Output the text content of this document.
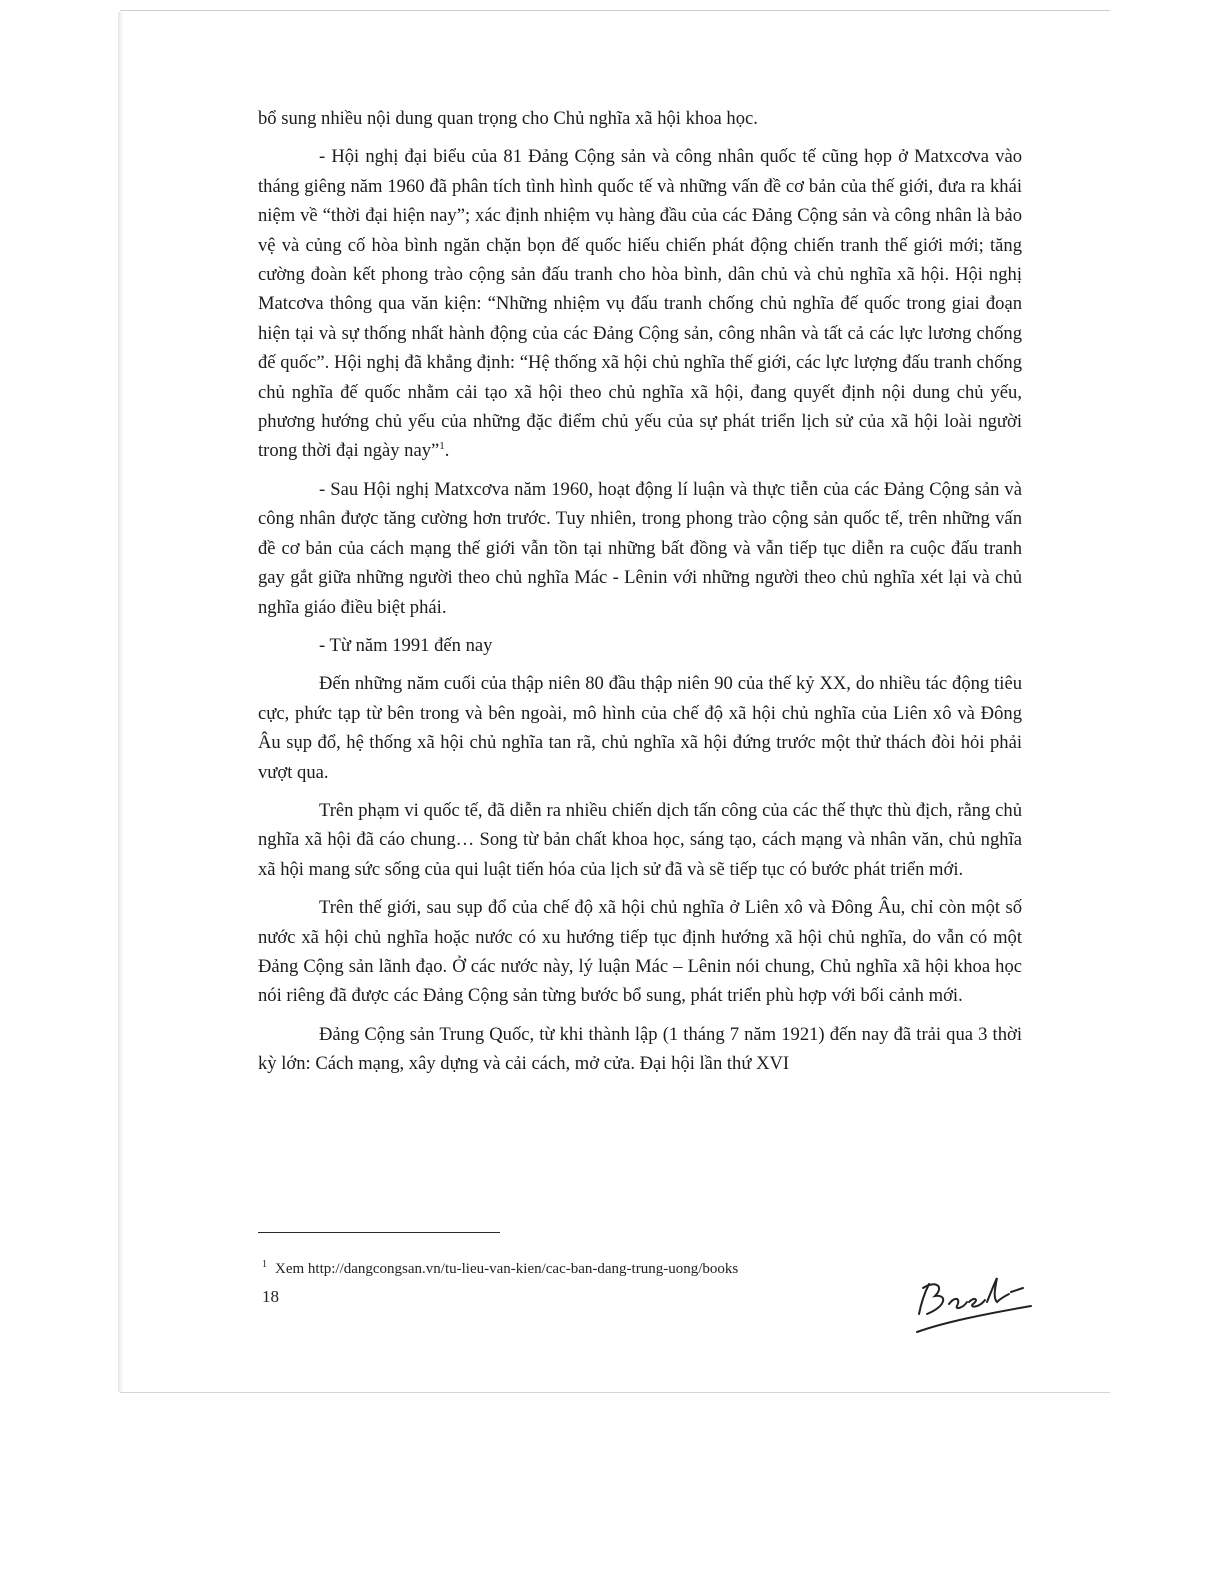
bổ sung nhiều nội dung quan trọng cho Chủ nghĩa xã hội khoa học.

- Hội nghị đại biểu của 81 Đảng Cộng sản và công nhân quốc tế cũng họp ở Matxcơva vào tháng giêng năm 1960 đã phân tích tình hình quốc tế và những vấn đề cơ bản của thế giới, đưa ra khái niệm về “thời đại hiện nay”; xác định nhiệm vụ hàng đầu của các Đảng Cộng sản và công nhân là bảo vệ và củng cố hòa bình ngăn chặn bọn đế quốc hiếu chiến phát động chiến tranh thế giới mới; tăng cường đoàn kết phong trào cộng sản đấu tranh cho hòa bình, dân chủ và chủ nghĩa xã hội. Hội nghị Matcơva thông qua văn kiện: “Những nhiệm vụ đấu tranh chống chủ nghĩa đế quốc trong giai đoạn hiện tại và sự thống nhất hành động của các Đảng Cộng sản, công nhân và tất cả các lực lương chống đế quốc”. Hội nghị đã khẳng định: “Hệ thống xã hội chủ nghĩa thế giới, các lực lượng đấu tranh chống chủ nghĩa đế quốc nhằm cải tạo xã hội theo chủ nghĩa xã hội, đang quyết định nội dung chủ yếu, phương hướng chủ yếu của những đặc điểm chủ yếu của sự phát triển lịch sử của xã hội loài người trong thời đại ngày nay”$^1$.

- Sau Hội nghị Matxcơva năm 1960, hoạt động lí luận và thực tiễn của các Đảng Cộng sản và công nhân được tăng cường hơn trước. Tuy nhiên, trong phong trào cộng sản quốc tế, trên những vấn đề cơ bản của cách mạng thế giới vẫn tồn tại những bất đồng và vẫn tiếp tục diễn ra cuộc đấu tranh gay gắt giữa những người theo chủ nghĩa Mác - Lênin với những người theo chủ nghĩa xét lại và chủ nghĩa giáo điều biệt phái.

- Từ năm 1991 đến nay

Đến những năm cuối của thập niên 80 đầu thập niên 90 của thế kỷ XX, do nhiều tác động tiêu cực, phức tạp từ bên trong và bên ngoài, mô hình của chế độ xã hội chủ nghĩa của Liên xô và Đông Âu sụp đổ, hệ thống xã hội chủ nghĩa tan rã, chủ nghĩa xã hội đứng trước một thử thách đòi hỏi phải vượt qua.

Trên phạm vi quốc tế, đã diễn ra nhiều chiến dịch tấn công của các thế thực thù địch, rằng chủ nghĩa xã hội đã cáo chung… Song từ bản chất khoa học, sáng tạo, cách mạng và nhân văn, chủ nghĩa xã hội mang sức sống của qui luật tiến hóa của lịch sử đã và sẽ tiếp tục có bước phát triển mới.

Trên thế giới, sau sụp đổ của chế độ xã hội chủ nghĩa ở Liên xô và Đông Âu, chỉ còn một số nước xã hội chủ nghĩa hoặc nước có xu hướng tiếp tục định hướng xã hội chủ nghĩa, do vẫn có một Đảng Cộng sản lãnh đạo. Ở các nước này, lý luận Mác – Lênin nói chung, Chủ nghĩa xã hội khoa học nói riêng đã được các Đảng Cộng sản từng bước bổ sung, phát triển phù hợp với bối cảnh mới.

Đảng Cộng sản Trung Quốc, từ khi thành lập (1 tháng 7 năm 1921) đến nay đã trải qua 3 thời kỳ lớn: Cách mạng, xây dựng và cải cách, mở cửa. Đại hội lần thứ XVI

$^1$ Xem http://dangcongsan.vn/tu-lieu-van-kien/cac-ban-dang-trung-uong/books
18
